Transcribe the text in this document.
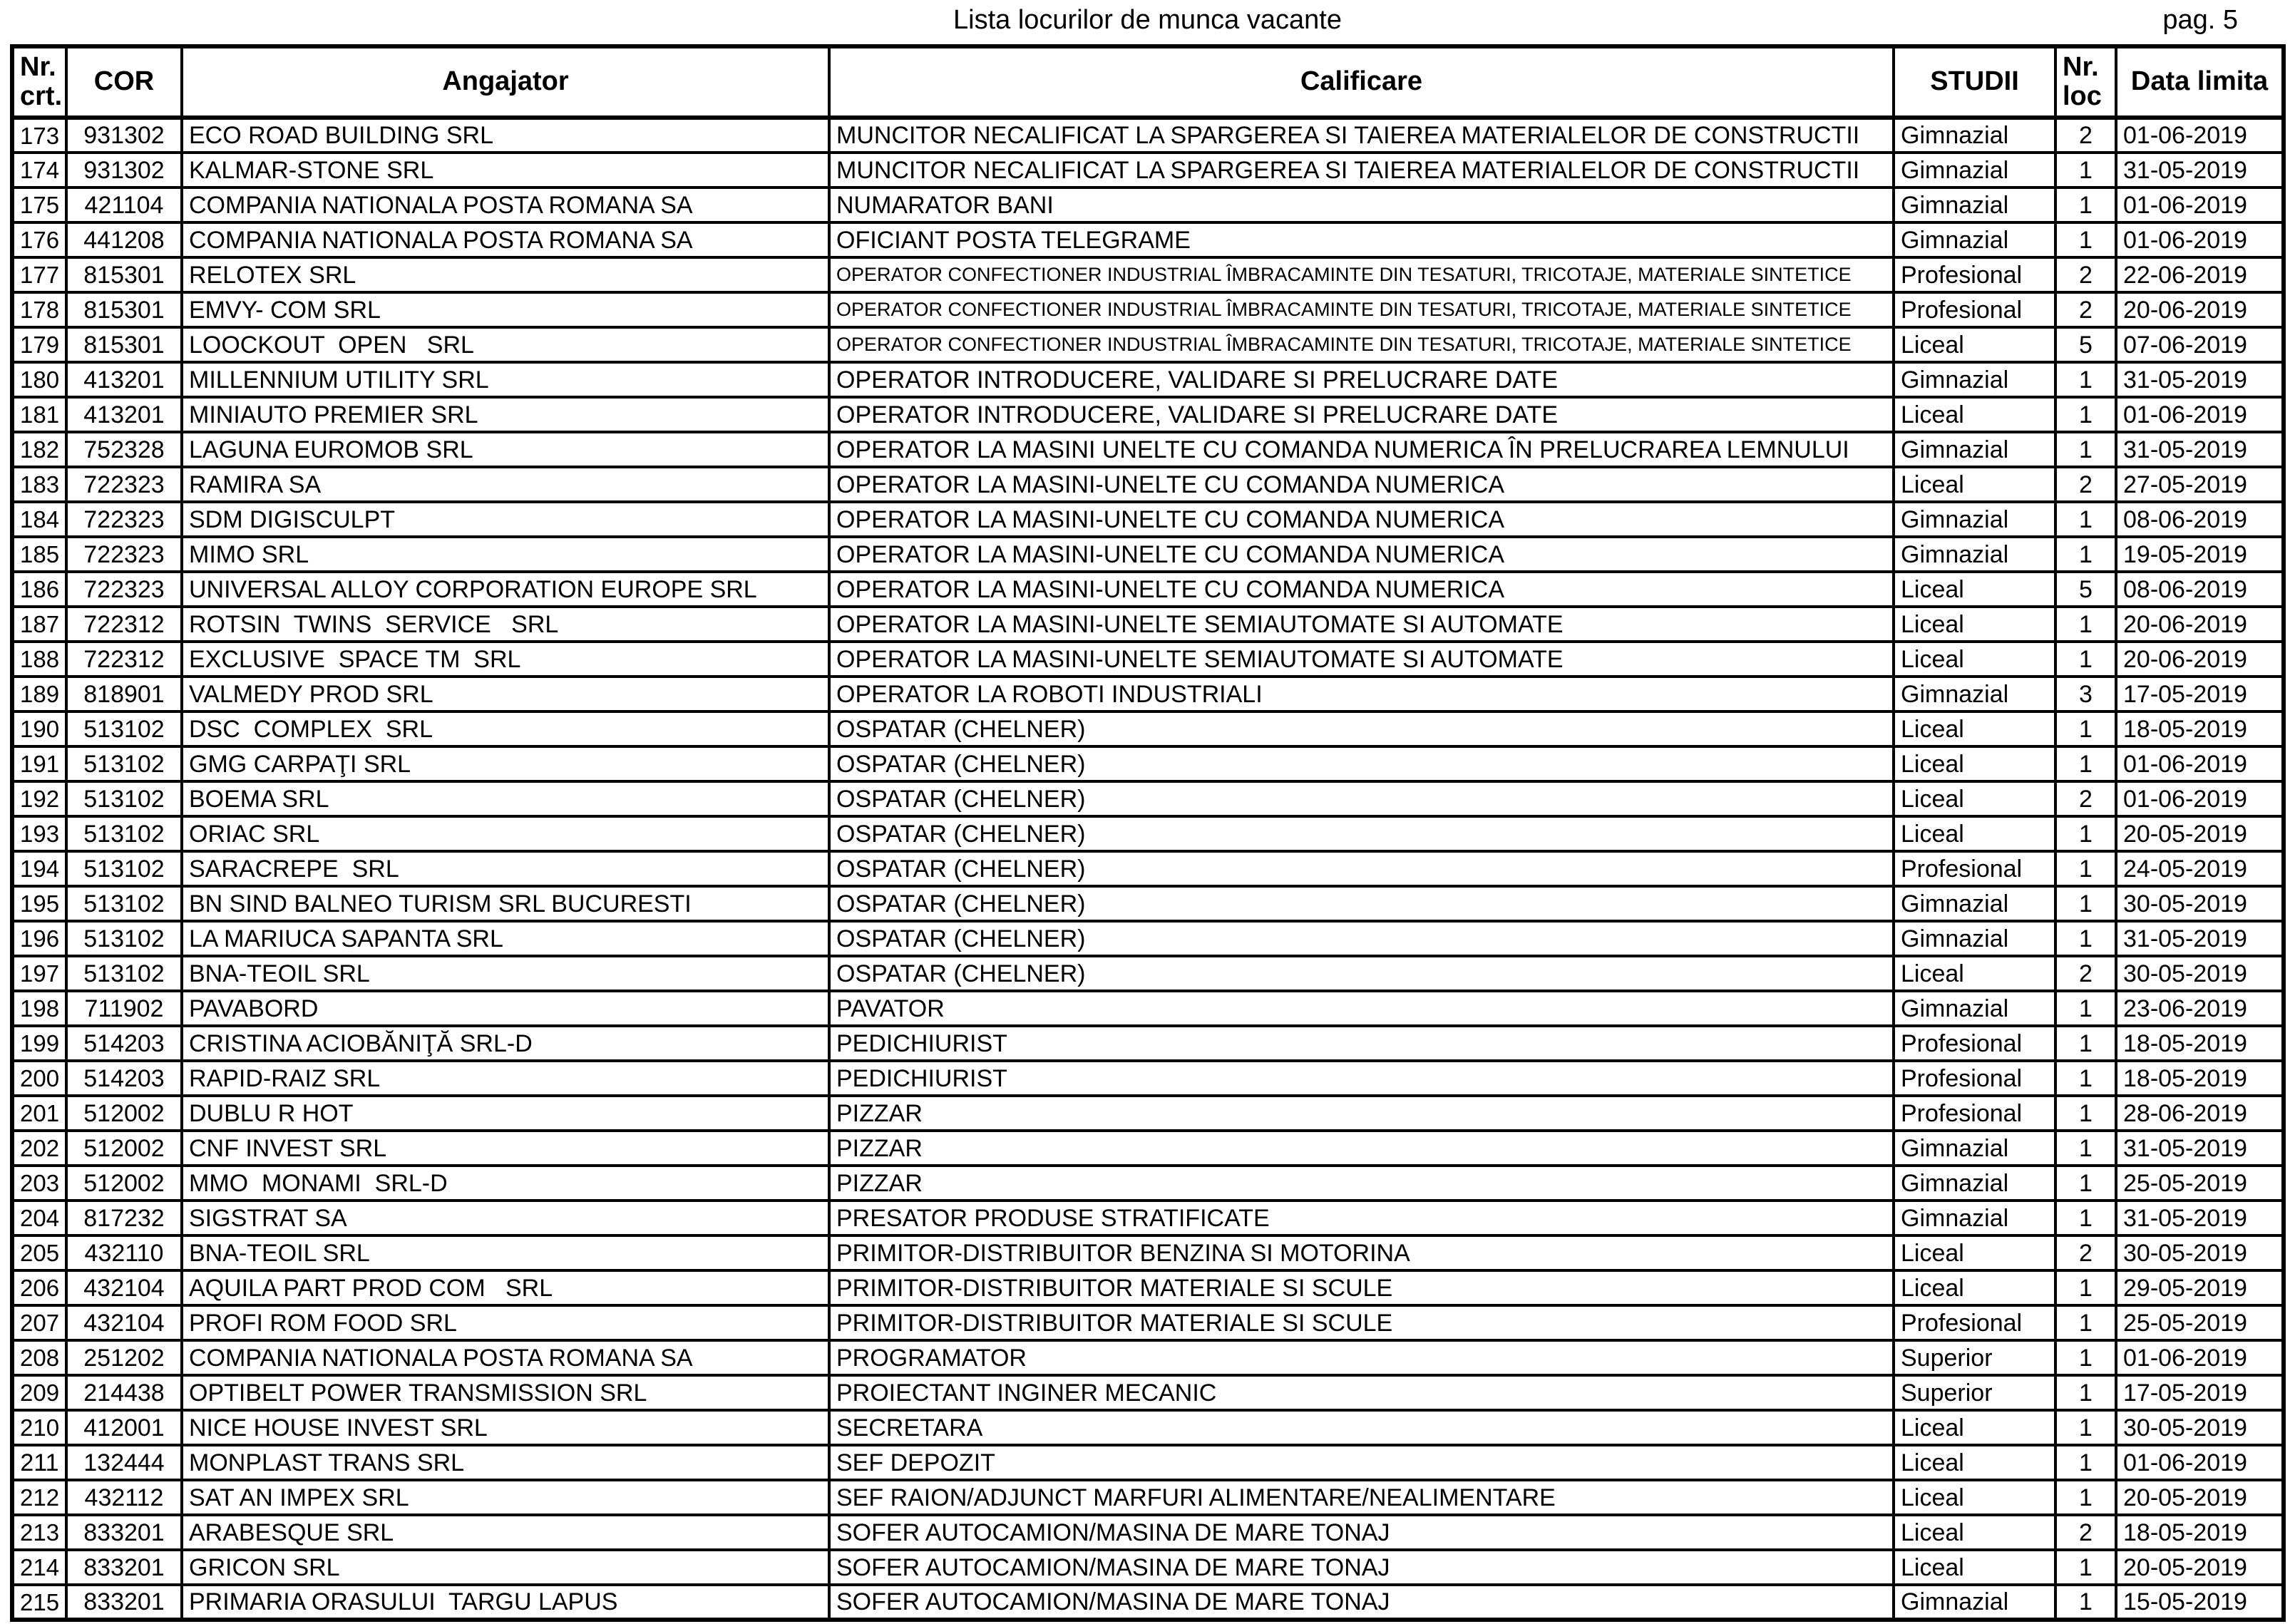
Lista locurilor de munca vacante	pag. 5
Nr. crt.	COR	Angajator	Calificare	STUDII	Nr. loc	Data limita
173	931302	ECO ROAD BUILDING SRL	MUNCITOR NECALIFICAT LA SPARGEREA SI TAIEREA MATERIALELOR DE CONSTRUCTII	Gimnazial	2	01-06-2019
174	931302	KALMAR-STONE SRL	MUNCITOR NECALIFICAT LA SPARGEREA SI TAIEREA MATERIALELOR DE CONSTRUCTII	Gimnazial	1	31-05-2019
175	421104	COMPANIA NATIONALA POSTA ROMANA SA	NUMARATOR BANI	Gimnazial	1	01-06-2019
176	441208	COMPANIA NATIONALA POSTA ROMANA SA	OFICIANT POSTA TELEGRAME	Gimnazial	1	01-06-2019
177	815301	RELOTEX SRL	OPERATOR CONFECTIONER INDUSTRIAL ÎMBRACAMINTE DIN TESATURI, TRICOTAJE, MATERIALE SINTETICE	Profesional	2	22-06-2019
178	815301	EMVY- COM SRL	OPERATOR CONFECTIONER INDUSTRIAL ÎMBRACAMINTE DIN TESATURI, TRICOTAJE, MATERIALE SINTETICE	Profesional	2	20-06-2019
179	815301	LOOCKOUT  OPEN   SRL	OPERATOR CONFECTIONER INDUSTRIAL ÎMBRACAMINTE DIN TESATURI, TRICOTAJE, MATERIALE SINTETICE	Liceal	5	07-06-2019
180	413201	MILLENNIUM UTILITY SRL	OPERATOR INTRODUCERE, VALIDARE SI PRELUCRARE DATE	Gimnazial	1	31-05-2019
181	413201	MINIAUTO PREMIER SRL	OPERATOR INTRODUCERE, VALIDARE SI PRELUCRARE DATE	Liceal	1	01-06-2019
182	752328	LAGUNA EUROMOB SRL	OPERATOR LA MASINI UNELTE CU COMANDA NUMERICA ÎN PRELUCRAREA LEMNULUI	Gimnazial	1	31-05-2019
183	722323	RAMIRA SA	OPERATOR LA MASINI-UNELTE CU COMANDA NUMERICA	Liceal	2	27-05-2019
184	722323	SDM DIGISCULPT	OPERATOR LA MASINI-UNELTE CU COMANDA NUMERICA	Gimnazial	1	08-06-2019
185	722323	MIMO SRL	OPERATOR LA MASINI-UNELTE CU COMANDA NUMERICA	Gimnazial	1	19-05-2019
186	722323	UNIVERSAL ALLOY CORPORATION EUROPE SRL	OPERATOR LA MASINI-UNELTE CU COMANDA NUMERICA	Liceal	5	08-06-2019
187	722312	ROTSIN  TWINS  SERVICE   SRL	OPERATOR LA MASINI-UNELTE SEMIAUTOMATE SI AUTOMATE	Liceal	1	20-06-2019
188	722312	EXCLUSIVE  SPACE TM  SRL	OPERATOR LA MASINI-UNELTE SEMIAUTOMATE SI AUTOMATE	Liceal	1	20-06-2019
189	818901	VALMEDY PROD SRL	OPERATOR LA ROBOTI INDUSTRIALI	Gimnazial	3	17-05-2019
190	513102	DSC  COMPLEX  SRL	OSPATAR (CHELNER)	Liceal	1	18-05-2019
191	513102	GMG CARPAŢI SRL	OSPATAR (CHELNER)	Liceal	1	01-06-2019
192	513102	BOEMA SRL	OSPATAR (CHELNER)	Liceal	2	01-06-2019
193	513102	ORIAC SRL	OSPATAR (CHELNER)	Liceal	1	20-05-2019
194	513102	SARACREPE  SRL	OSPATAR (CHELNER)	Profesional	1	24-05-2019
195	513102	BN SIND BALNEO TURISM SRL BUCURESTI	OSPATAR (CHELNER)	Gimnazial	1	30-05-2019
196	513102	LA MARIUCA SAPANTA SRL	OSPATAR (CHELNER)	Gimnazial	1	31-05-2019
197	513102	BNA-TEOIL SRL	OSPATAR (CHELNER)	Liceal	2	30-05-2019
198	711902	PAVABORD	PAVATOR	Gimnazial	1	23-06-2019
199	514203	CRISTINA ACIOBĂNIŢĂ SRL-D	PEDICHIURIST	Profesional	1	18-05-2019
200	514203	RAPID-RAIZ SRL	PEDICHIURIST	Profesional	1	18-05-2019
201	512002	DUBLU R HOT	PIZZAR	Profesional	1	28-06-2019
202	512002	CNF INVEST SRL	PIZZAR	Gimnazial	1	31-05-2019
203	512002	MMO  MONAMI  SRL-D	PIZZAR	Gimnazial	1	25-05-2019
204	817232	SIGSTRAT SA	PRESATOR PRODUSE STRATIFICATE	Gimnazial	1	31-05-2019
205	432110	BNA-TEOIL SRL	PRIMITOR-DISTRIBUITOR BENZINA SI MOTORINA	Liceal	2	30-05-2019
206	432104	AQUILA PART PROD COM   SRL	PRIMITOR-DISTRIBUITOR MATERIALE SI SCULE	Liceal	1	29-05-2019
207	432104	PROFI ROM FOOD SRL	PRIMITOR-DISTRIBUITOR MATERIALE SI SCULE	Profesional	1	25-05-2019
208	251202	COMPANIA NATIONALA POSTA ROMANA SA	PROGRAMATOR	Superior	1	01-06-2019
209	214438	OPTIBELT POWER TRANSMISSION SRL	PROIECTANT INGINER MECANIC	Superior	1	17-05-2019
210	412001	NICE HOUSE INVEST SRL	SECRETARA	Liceal	1	30-05-2019
211	132444	MONPLAST TRANS SRL	SEF DEPOZIT	Liceal	1	01-06-2019
212	432112	SAT AN IMPEX SRL	SEF RAION/ADJUNCT MARFURI ALIMENTARE/NEALIMENTARE	Liceal	1	20-05-2019
213	833201	ARABESQUE SRL	SOFER AUTOCAMION/MASINA DE MARE TONAJ	Liceal	2	18-05-2019
214	833201	GRICON SRL	SOFER AUTOCAMION/MASINA DE MARE TONAJ	Liceal	1	20-05-2019
215	833201	PRIMARIA ORASULUI  TARGU LAPUS	SOFER AUTOCAMION/MASINA DE MARE TONAJ	Gimnazial	1	15-05-2019
